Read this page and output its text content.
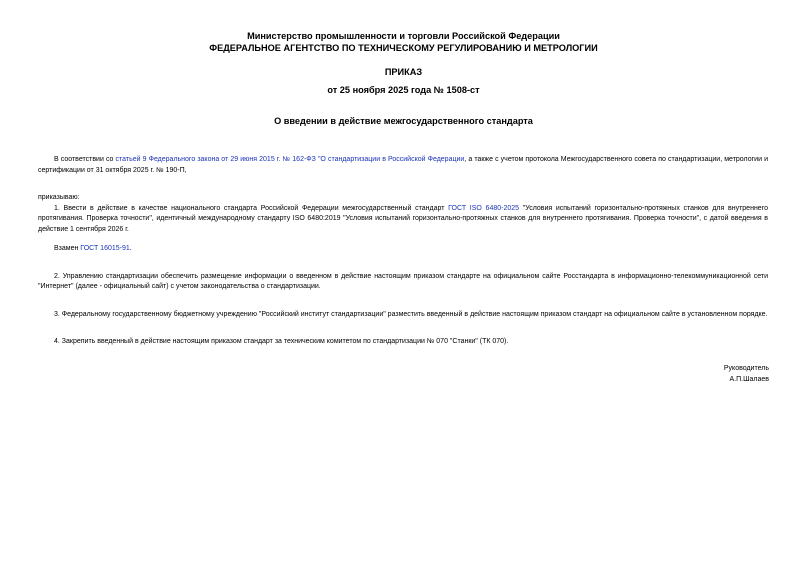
Министерство промышленности и торговли Российской Федерации
ФЕДЕРАЛЬНОЕ АГЕНТСТВО ПО ТЕХНИЧЕСКОМУ РЕГУЛИРОВАНИЮ И МЕТРОЛОГИИ
ПРИКАЗ
от 25 ноября 2025 года № 1508-ст
О введении в действие межгосударственного стандарта

В соответствии со статьей 9 Федерального закона от 29 июня 2015 г. № 162-ФЗ "О стандартизации в Российской Федерации, а также с учетом протокола Межгосударственного совета по стандартизации, метрологии и сертификации от 31 октября 2025 г. № 190-П,

приказываю:

1. Ввести в действие в качестве национального стандарта Российской Федерации межгосударственный стандарт ГОСТ ISO 6480-2025 "Условия испытаний горизонтально-протяжных станков для внутреннего протягивания. Проверка точности", идентичный международному стандарту ISO 6480:2019 "Условия испытаний горизонтально-протяжных станков для внутреннего протягивания. Проверка точности", с датой введения в действие 1 сентября 2026 г.

Взамен ГОСТ 16015-91.

2. Управлению стандартизации обеспечить размещение информации о введенном в действие настоящим приказом стандарте на официальном сайте Росстандарта в информационно-телекоммуникационной сети "Интернет" (далее - официальный сайт) с учетом законодательства о стандартизации.

3. Федеральному государственному бюджетному учреждению "Российский институт стандартизации" разместить введенный в действие настоящим приказом стандарт на официальном сайте в установленном порядке.

4. Закрепить введенный в действие настоящим приказом стандарт за техническим комитетом по стандартизации № 070 "Станки" (ТК 070).

Руководитель
А.П.Шалаев
